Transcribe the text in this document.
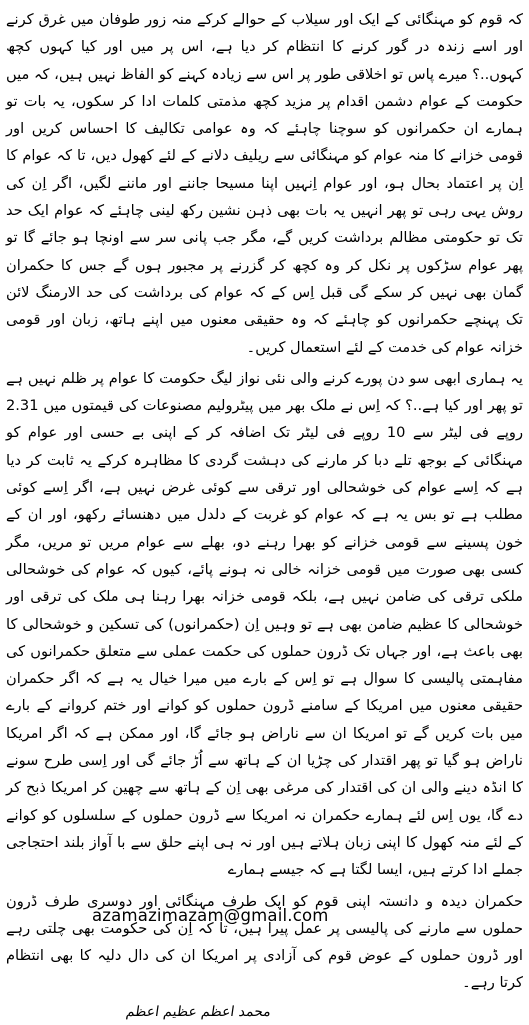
کہ قوم کو مہنگائی کے ایک اور سیلاب کے حوالے کرکے منہ زور طوفان میں غرق کرنے اور اسے زندہ در گور کرنے کا انتظام کر دیا ہے، اس پر میں اور کیا کہوں کچھ کہوں..؟ میرے پاس تو اخلاقی طور پر اس سے زیادہ کہنے کو الفاظ نہیں ہیں، کہ میں حکومت کے عوام دشمن اقدام پر مزید کچھ مذمتی کلمات ادا کر سکوں، یہ بات تو ہمارے ان حکمرانوں کو سوچنا چاہئے کہ وہ عوامی تکالیف کا احساس کریں اور قومی خزانے کا منہ عوام کو مہنگائی سے ریلیف دلانے کے لئے کھول دیں، تا کہ عوام کا اِن پر اعتماد بحال ہو، اور عوام اِنہیں اپنا مسیحا جاننے اور ماننے لگیں، اگر اِن کی روش یہی رہی تو پھر انہیں یہ بات بھی ذہن نشین رکھ لینی چاہئے کہ عوام ایک حد تک تو حکومتی مظالم برداشت کریں گے، مگر جب پانی سر سے اونچا ہو جائے گا تو پھر عوام سڑکوں پر نکل کر وہ کچھ کر گزرنے پر مجبور ہوں گے جس کا حکمران گمان بھی نہیں کر سکے گی قبل اِس کے کہ عوام کی برداشت کی حد الارمنگ لائن تک پہنچے حکمرانوں کو چاہئے کہ وہ حقیقی معنوں میں اپنے ہاتھ، زبان اور قومی خزانہ عوام کی خدمت کے لئے استعمال کریں۔

یہ ہماری ابھی سو دن پورے کرنے والی نئی نواز لیگ حکومت کا عوام پر ظلم نہیں ہے تو پھر اور کیا ہے..؟ کہ اِس نے ملک بھر میں پیٹرولیم مصنوعات کی قیمتوں میں 2.31 روپے فی لیٹر سے 10 روپے فی لیٹر تک اضافہ کر کے اپنی بے حسی اور عوام کو مہنگائی کے بوجھ تلے دبا کر مارنے کی دہشت گردی کا مظاہرہ کرکے یہ ثابت کر دیا ہے کہ اِسے عوام کی خوشحالی اور ترقی سے کوئی غرض نہیں ہے، اگر اِسے کوئی مطلب ہے تو بس یہ ہے کہ عوام کو غربت کے دلدل میں دھنسائے رکھو، اور ان کے خون پسینے سے قومی خزانے کو بھرا رہنے دو، بھلے سے عوام مریں تو مریں، مگر کسی بھی صورت میں قومی خزانہ خالی نہ ہونے پائے، کیوں کہ عوام کی خوشحالی ملکی ترقی کی ضامن نہیں ہے، بلکہ قومی خزانہ بھرا رہنا ہی ملک کی ترقی اور خوشحالی کا عظیم ضامن بھی ہے تو وہیں اِن (حکمرانوں) کی تسکین و خوشحالی کا بھی باعث ہے، اور جہاں تک ڈرون حملوں کی حکمت عملی سے متعلق حکمرانوں کی مفاہمتی پالیسی کا سوال ہے تو اِس کے بارے میں میرا خیال یہ ہے کہ اگر حکمران حقیقی معنوں میں امریکا کے سامنے ڈرون حملوں کو کوانے اور ختم کروانے کے بارے میں بات کریں گے تو امریکا ان سے ناراض ہو جائے گا، اور ممکن ہے کہ اگر امریکا ناراض ہو گیا تو پھر اقتدار کی چڑیا ان کے ہاتھ سے اُڑ جائے گی اور اِسی طرح سونے کا انڈہ دینے والی ان کی اقتدار کی مرغی بھی اِن کے ہاتھ سے چھین کر امریکا ذبح کر دے گا، یوں اِس لئے ہمارے حکمران نہ امریکا سے ڈرون حملوں کے سلسلوں کو کوانے کے لئے منہ کھول کا اپنی زبان ہلاتے ہیں اور نہ ہی اپنے حلق سے با آواز بلند احتجاجی جملے ادا کرتے ہیں، ایسا لگتا ہے کہ جیسے ہمارے

حکمران دیدہ و دانستہ اپنی قوم کو ایک طرف مہنگائی اور دوسری طرف ڈرون حملوں سے مارنے کی پالیسی پر عمل پیرا ہیں، تا کہ اِن کی حکومت بھی چلتی رہے اور ڈرون حملوں کے عوض قوم کی آزادی پر امریکا ان کی دال دلیہ کا بھی انتظام کرتا رہے۔

محمد اعظم عظیم اعظم
azamazimazam@gmail.com
